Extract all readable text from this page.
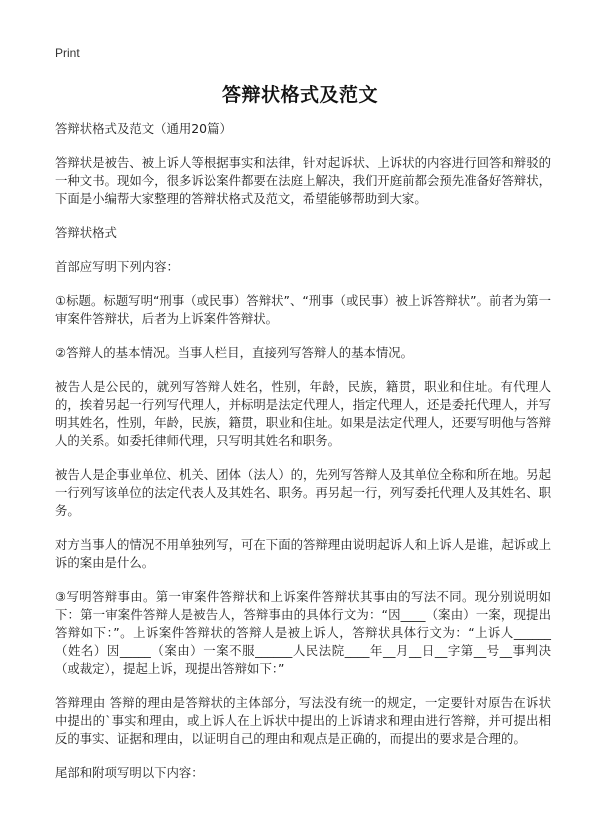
Print
答辩状格式及范文

答辩状格式及范文（通用20篇）

答辩状是被告、被上诉人等根据事实和法律，针对起诉状、上诉状的内容进行回答和辩驳的一种文书。现如今，很多诉讼案件都要在法庭上解决，我们开庭前都会预先准备好答辩状，下面是小编帮大家整理的答辩状格式及范文，希望能够帮助到大家。

答辩状格式

首部应写明下列内容：

①标题。标题写明“刑事（或民事）答辩状”、“刑事（或民事）被上诉答辩状”。前者为第一审案件答辩状，后者为上诉案件答辩状。

②答辩人的基本情况。当事人栏目，直接列写答辩人的基本情况。

被告人是公民的，就列写答辩人姓名，性别，年龄，民族，籍贯，职业和住址。有代理人的，挨着另起一行列写代理人，并标明是法定代理人，指定代理人，还是委托代理人，并写明其姓名，性别，年龄，民族，籍贯，职业和住址。如果是法定代理人，还要写明他与答辩人的关系。如委托律师代理，只写明其姓名和职务。

被告人是企事业单位、机关、团体（法人）的，先列写答辩人及其单位全称和所在地。另起一行列写该单位的法定代表人及其姓名、职务。再另起一行，列写委托代理人及其姓名、职务。

对方当事人的情况不用单独列写，可在下面的答辩理由说明起诉人和上诉人是谁，起诉或上诉的案由是什么。

③写明答辩事由。第一审案件答辩状和上诉案件答辩状其事由的写法不同。现分别说明如下：第一审案件答辩人是被告人，答辩事由的具体行文为：“因____（案由）一案，现提出答辩如下：”。上诉案件答辩状的答辩人是被上诉人，答辩状具体行文为：“上诉人______（姓名）因_____（案由）一案不服______人民法院____年__月__日__字第__号__事判决（或裁定），提起上诉，现提出答辩如下：”

答辩理由 答辩的理由是答辩状的主体部分，写法没有统一的规定，一定要针对原告在诉状中提出的`事实和理由，或上诉人在上诉状中提出的上诉请求和理由进行答辩，并可提出相反的事实、证据和理由，以证明自己的理由和观点是正确的，而提出的要求是合理的。

尾部和附项写明以下内容：
